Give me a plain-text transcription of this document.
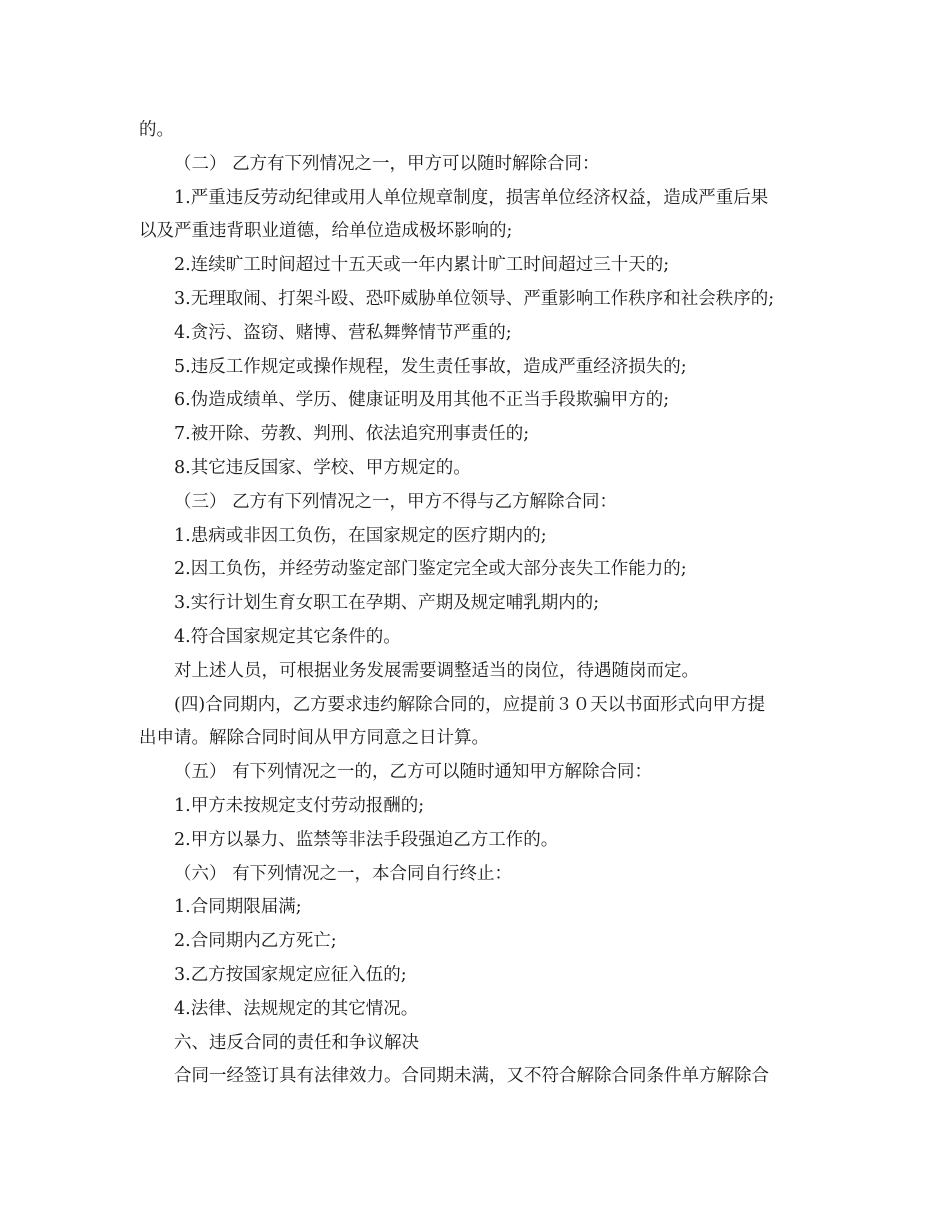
的。
（二） 乙方有下列情况之一，甲方可以随时解除合同：
1.严重违反劳动纪律或用人单位规章制度，损害单位经济权益，造成严重后果
以及严重违背职业道德，给单位造成极坏影响的;
2.连续旷工时间超过十五天或一年内累计旷工时间超过三十天的;
3.无理取闹、打架斗殴、恐吓威胁单位领导、严重影响工作秩序和社会秩序的;
4.贪污、盗窃、赌博、营私舞弊情节严重的;
5.违反工作规定或操作规程，发生责任事故，造成严重经济损失的;
6.伪造成绩单、学历、健康证明及用其他不正当手段欺骗甲方的;
7.被开除、劳教、判刑、依法追究刑事责任的;
8.其它违反国家、学校、甲方规定的。
（三） 乙方有下列情况之一，甲方不得与乙方解除合同：
1.患病或非因工负伤，在国家规定的医疗期内的;
2.因工负伤，并经劳动鉴定部门鉴定完全或大部分丧失工作能力的;
3.实行计划生育女职工在孕期、产期及规定哺乳期内的;
4.符合国家规定其它条件的。
对上述人员，可根据业务发展需要调整适当的岗位，待遇随岗而定。
(四)合同期内，乙方要求违约解除合同的，应提前３０天以书面形式向甲方提
出申请。解除合同时间从甲方同意之日计算。
（五） 有下列情况之一的，乙方可以随时通知甲方解除合同：
1.甲方未按规定支付劳动报酬的;
2.甲方以暴力、监禁等非法手段强迫乙方工作的。
（六） 有下列情况之一，本合同自行终止：
1.合同期限届满;
2.合同期内乙方死亡;
3.乙方按国家规定应征入伍的;
4.法律、法规规定的其它情况。
六、违反合同的责任和争议解决
合同一经签订具有法律效力。合同期未满，又不符合解除合同条件单方解除合
